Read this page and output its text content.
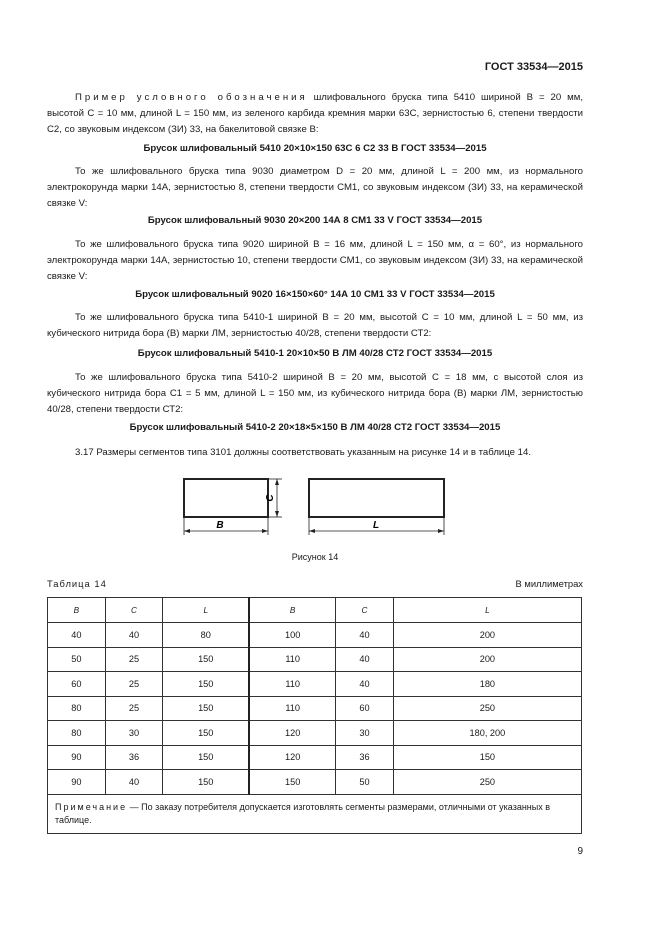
ГОСТ 33534—2015

Пример условного обозначения шлифовального бруска типа 5410 шириной B = 20 мм, высотой C = 10 мм, длиной L = 150 мм, из зеленого карбида кремния марки 63С, зернистостью 6, степени твердости С2, со звуковым индексом (ЗИ) 33, на бакелитовой связке В:

Брусок шлифовальный 5410 20×10×150 63С 6 С2 33 В ГОСТ 33534—2015

То же шлифовального бруска типа 9030 диаметром D = 20 мм, длиной L = 200 мм, из нормального электрокорунда марки 14А, зернистостью 8, степени твердости СМ1, со звуковым индексом (ЗИ) 33, на керамической связке V:

Брусок шлифовальный 9030 20×200 14А 8 СМ1 33 V ГОСТ 33534—2015

То же шлифовального бруска типа 9020 шириной B = 16 мм, длиной L = 150 мм, α = 60°, из нормального электрокорунда марки 14А, зернистостью 10, степени твердости СМ1, со звуковым индексом (ЗИ) 33, на керамической связке V:

Брусок шлифовальный 9020 16×150×60° 14А 10 СМ1 33 V ГОСТ 33534—2015

То же шлифовального бруска типа 5410-1 шириной B = 20 мм, высотой C = 10 мм, длиной L = 50 мм, из кубического нитрида бора (В) марки ЛМ, зернистостью 40/28, степени твердости СТ2:

Брусок шлифовальный 5410-1 20×10×50 В ЛМ 40/28 СТ2 ГОСТ 33534—2015

То же шлифовального бруска типа 5410-2 шириной B = 20 мм, высотой C = 18 мм, с высотой слоя из кубического нитрида бора C1 = 5 мм, длиной L = 150 мм, из кубического нитрида бора (В) марки ЛМ, зернистостью 40/28, степени твердости СТ2:

Брусок шлифовальный 5410-2 20×18×5×150 В ЛМ 40/28 СТ2 ГОСТ 33534—2015

3.17 Размеры сегментов типа 3101 должны соответствовать указанным на рисунке 14 и в таблице 14.

C
B	L
Рисунок 14
Таблица 14	В миллиметрах
B	C	L	B	C	L
40	40	80	100	40	200
50	25	150	110	40	200
60	25	150	110	40	180
80	25	150	110	60	250
80	30	150	120	30	180, 200
90	36	150	120	36	150
90	40	150	150	50	250
Примечание — По заказу потребителя допускается изготовлять сегменты размерами, отличными от указанных в таблице.					
9
